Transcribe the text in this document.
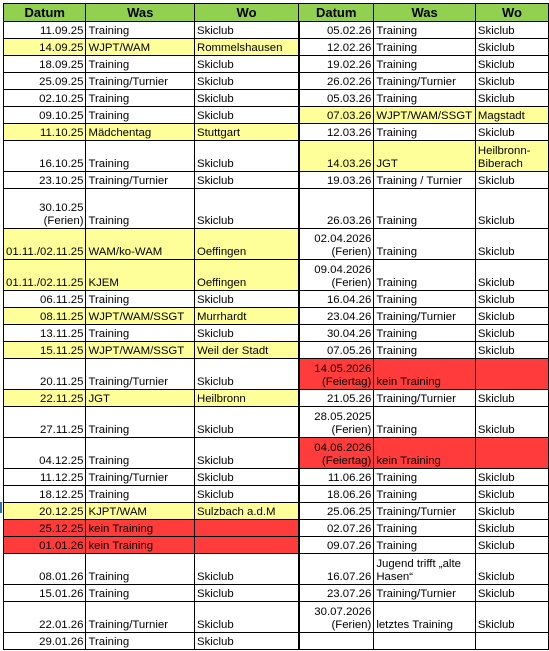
Datum	Was	Wo	Datum	Was	Wo
11.09.25	Training	Skiclub	05.02.26	Training	Skiclub
14.09.25	WJPT/WAM	Rommelshausen	12.02.26	Training	Skiclub
18.09.25	Training	Skiclub	19.02.26	Training	Skiclub
25.09.25	Training/Turnier	Skiclub	26.02.26	Training/Turnier	Skiclub
02.10.25	Training	Skiclub	05.03.26	Training	Skiclub
09.10.25	Training	Skiclub	07.03.26	WJPT/WAM/SSGT	Magstadt
11.10.25	Mädchentag	Stuttgart	12.03.26	Training	Skiclub
16.10.25	Training	Skiclub	14.03.26	JGT	Heilbronn-Biberach
23.10.25	Training/Turnier	Skiclub	19.03.26	Training / Turnier	Skiclub
30.10.25 (Ferien)	Training	Skiclub	26.03.26	Training	Skiclub
01.11./02.11.25	WAM/ko-WAM	Oeffingen	02.04.2026 (Ferien)	Training	Skiclub
01.11./02.11.25	KJEM	Oeffingen	09.04.2026 (Ferien)	Training	Skiclub
06.11.25	Training	Skiclub	16.04.26	Training	Skiclub
08.11.25	WJPT/WAM/SSGT	Murrhardt	23.04.26	Training/Turnier	Skiclub
13.11.25	Training	Skiclub	30.04.26	Training	Skiclub
15.11.25	WJPT/WAM/SSGT	Weil der Stadt	07.05.26	Training	Skiclub
20.11.25	Training/Turnier	Skiclub	14.05.2026 (Feiertag)	kein Training	
22.11.25	JGT	Heilbronn	21.05.26	Training/Turnier	Skiclub
27.11.25	Training	Skiclub	28.05.2025 (Ferien)	Training	Skiclub
04.12.25	Training	Skiclub	04.06.2026 (Feiertag)	kein Training	
11.12.25	Training/Turnier	Skiclub	11.06.26	Training	Skiclub
18.12.25	Training	Skiclub	18.06.26	Training	Skiclub
20.12.25	KJPT/WAM	Sulzbach a.d.M	25.06.25	Training/Turnier	Skiclub
25.12.25	kein Training		02.07.26	Training	Skiclub
01.01.26	kein Training		09.07.26	Training	Skiclub
08.01.26	Training	Skiclub	16.07.26	Jugend trifft „alte Hasen“	Skiclub
15.01.26	Training	Skiclub	23.07.26	Training/Turnier	Skiclub
22.01.26	Training/Turnier	Skiclub	30.07.2026 (Ferien)	letztes Training	Skiclub
29.01.26	Training	Skiclub			
